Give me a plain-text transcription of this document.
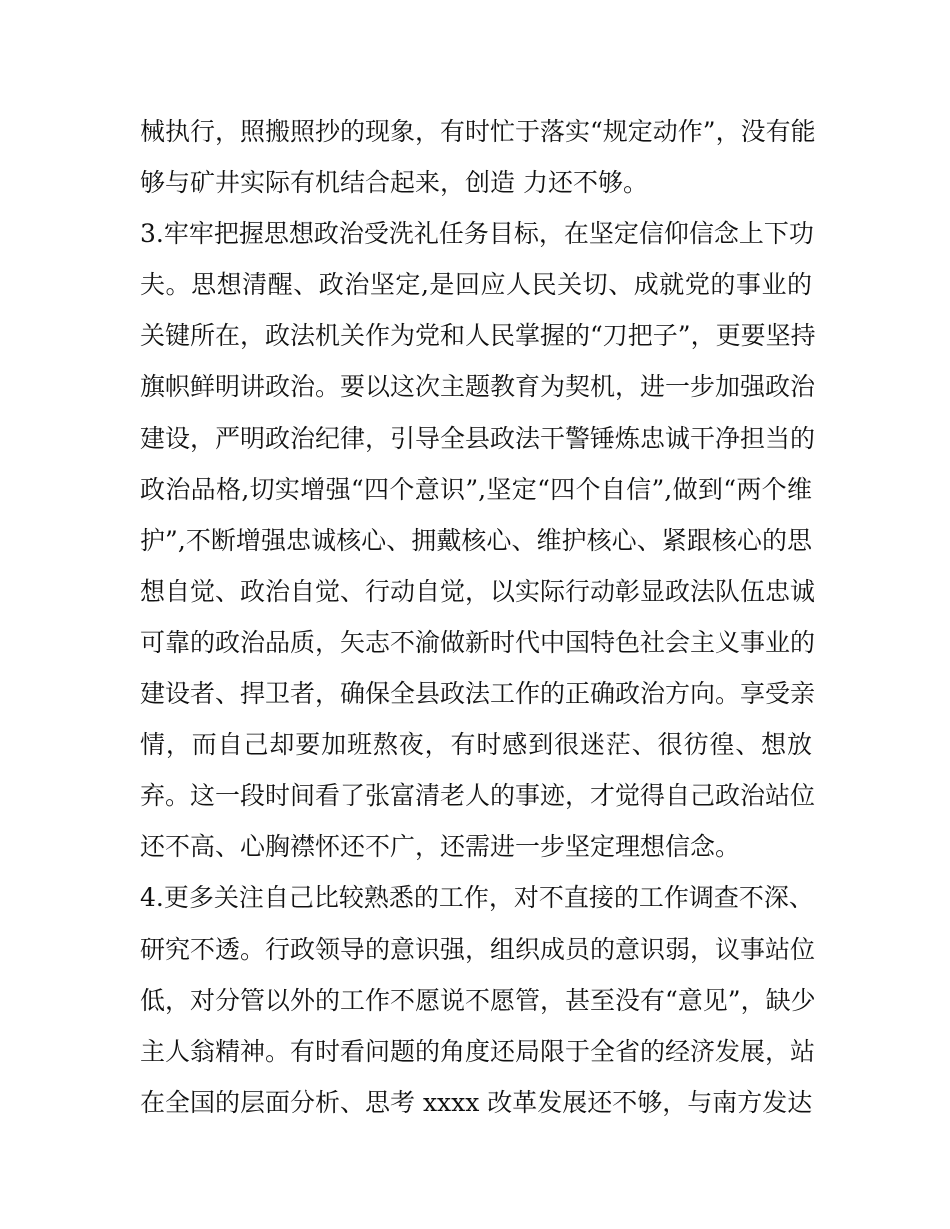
械执行，照搬照抄的现象，有时忙于落实“规定动作”，没有能
够与矿井实际有机结合起来，创造 力还不够。
3.牢牢把握思想政治受洗礼任务目标，在坚定信仰信念上下功
夫。思想清醒、政治坚定,是回应人民关切、成就党的事业的
关键所在，政法机关作为党和人民掌握的“刀把子”，更要坚持
旗帜鲜明讲政治。要以这次主题教育为契机，进一步加强政治
建设，严明政治纪律，引导全县政法干警锤炼忠诚干净担当的
政治品格,切实增强“四个意识”,坚定“四个自信”,做到“两个维
护”,不断增强忠诚核心、拥戴核心、维护核心、紧跟核心的思
想自觉、政治自觉、行动自觉，以实际行动彰显政法队伍忠诚
可靠的政治品质，矢志不渝做新时代中国特色社会主义事业的
建设者、捍卫者，确保全县政法工作的正确政治方向。享受亲
情，而自己却要加班熬夜，有时感到很迷茫、很彷徨、想放
弃。这一段时间看了张富清老人的事迹，才觉得自己政治站位
还不高、心胸襟怀还不广，还需进一步坚定理想信念。
4.更多关注自己比较熟悉的工作，对不直接的工作调查不深、
研究不透。行政领导的意识强，组织成员的意识弱，议事站位
低，对分管以外的工作不愿说不愿管，甚至没有“意见”，缺少
主人翁精神。有时看问题的角度还局限于全省的经济发展，站
在全国的层面分析、思考 xxxx 改革发展还不够，与南方发达
